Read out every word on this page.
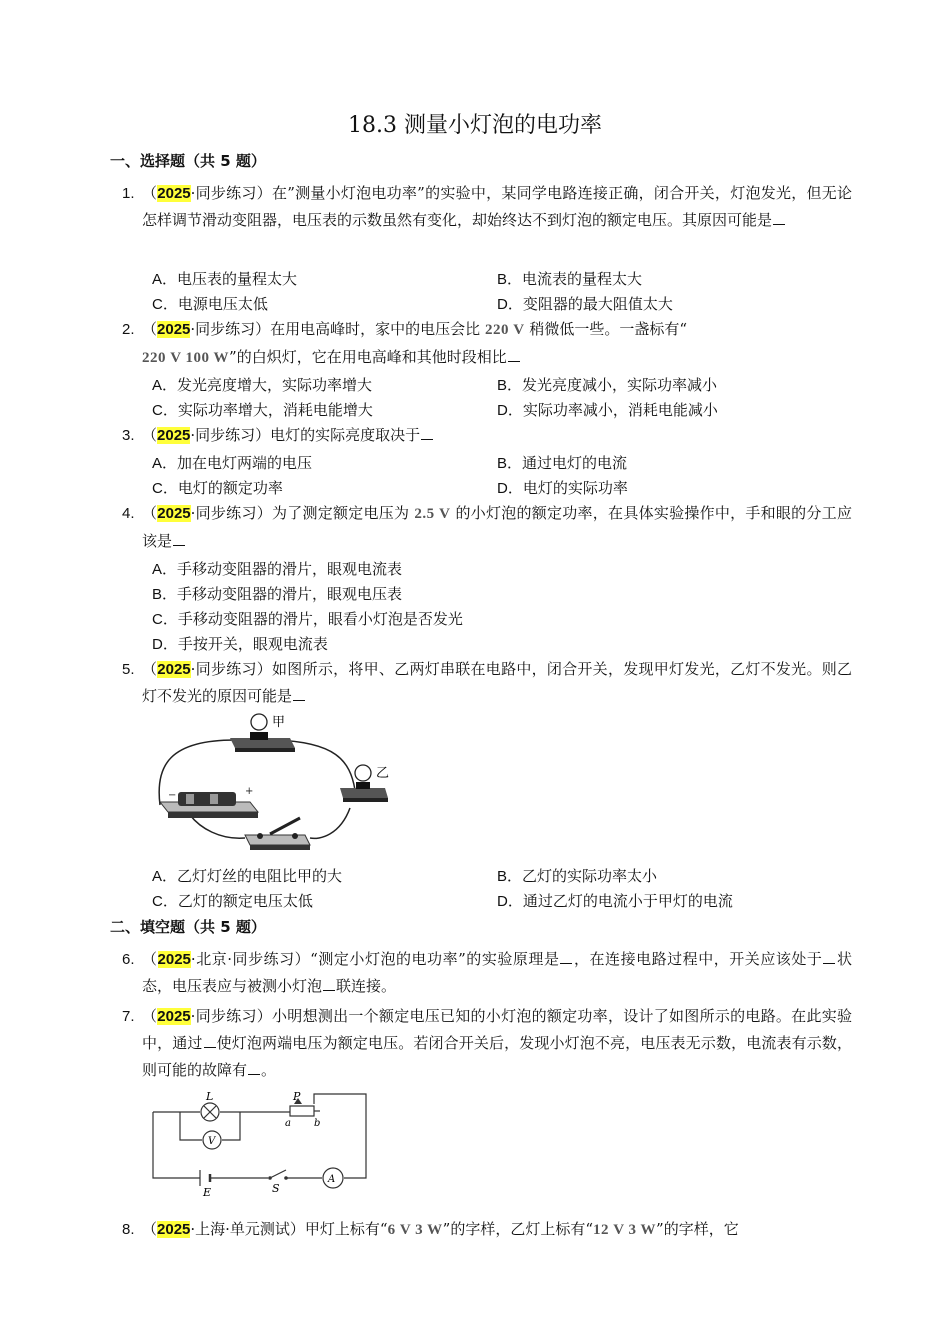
18.3 测量小灯泡的电功率
一、选择题（共 5 题）
1. （2025·同步练习）在”测量小灯泡电功率”的实验中，某同学电路连接正确，闭合开关，灯泡发光，但无论怎样调节滑动变阻器，电压表的示数虽然有变化，却始终达不到灯泡的额定电压。其原因可能是
A．电压表的量程太大	B．电流表的量程太大
C．电源电压太低	D．变阻器的最大阻值太大
2. （2025·同步练习）在用电高峰时，家中的电压会比 220 V 稍微低一些。一盏标有“
220 V 100 W”的白炽灯，它在用电高峰和其他时段相比
A．发光亮度增大，实际功率增大	B．发光亮度减小，实际功率减小
C．实际功率增大，消耗电能增大	D．实际功率减小，消耗电能减小
3. （2025·同步练习）电灯的实际亮度取决于
A．加在电灯两端的电压	B．通过电灯的电流
C．电灯的额定功率	D．电灯的实际功率
4. （2025·同步练习）为了测定额定电压为 2.5 V 的小灯泡的额定功率，在具体实验操作中，手和眼的分工应该是
A．手移动变阻器的滑片，眼观电流表
B．手移动变阻器的滑片，眼观电压表
C．手移动变阻器的滑片，眼看小灯泡是否发光
D．手按开关，眼观电流表
5. （2025·同步练习）如图所示，将甲、乙两灯串联在电路中，闭合开关，发现甲灯发光，乙灯不发光。则乙灯不发光的原因可能是
甲
乙
−	+
A．乙灯灯丝的电阻比甲的大	B．乙灯的实际功率太小
C．乙灯的额定电压太低	D．通过乙灯的电流小于甲灯的电流
二、填空题（共 5 题）
6. （2025·北京·同步练习）“测定小灯泡的电功率”的实验原理是 ，在连接电路过程中，开关应该处于 状态，电压表应与被测小灯泡 联连接。
7. （2025·同步练习）小明想测出一个额定电压已知的小灯泡的额定功率，设计了如图所示的电路。在此实验中，通过 使灯泡两端电压为额定电压。若闭合开关后，发现小灯泡不亮，电压表无示数，电流表有示数，则可能的故障有 。
V
A
L	P
a b
E	S
8. （2025·上海·单元测试）甲灯上标有“6 V 3 W”的字样，乙灯上标有“12 V 3 W”的字样，它
